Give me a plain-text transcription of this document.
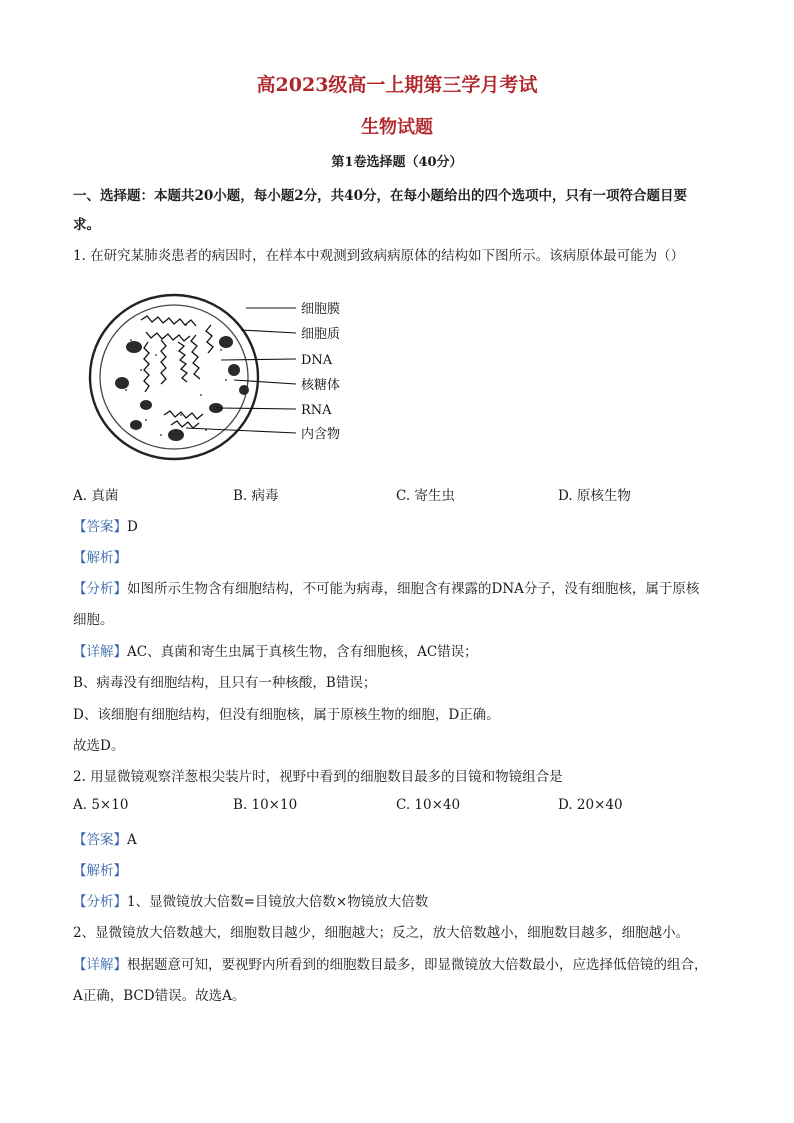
高2023级高一上期第三学月考试
生物试题
第1卷选择题（40分）
一、选择题：本题共20小题，每小题2分，共40分，在每小题给出的四个选项中，只有一项符合题目要
求。
1. 在研究某肺炎患者的病因时，在样本中观测到致病病原体的结构如下图所示。该病原体最可能为（）
细胞膜
细胞质
DNA
核糖体
RNA
内含物
A. 真菌	B. 病毒	C. 寄生虫	D. 原核生物
【答案】D
【解析】
【分析】如图所示生物含有细胞结构，不可能为病毒，细胞含有裸露的DNA分子，没有细胞核，属于原核
细胞。
【详解】AC、真菌和寄生虫属于真核生物，含有细胞核，AC错误；
B、病毒没有细胞结构，且只有一种核酸，B错误；
D、该细胞有细胞结构，但没有细胞核，属于原核生物的细胞，D正确。
故选D。
2. 用显微镜观察洋葱根尖装片时，视野中看到的细胞数目最多的目镜和物镜组合是
A. 5×10	B. 10×10	C. 10×40	D. 20×40
【答案】A
【解析】
【分析】1、显微镜放大倍数=目镜放大倍数×物镜放大倍数
2、显微镜放大倍数越大，细胞数目越少，细胞越大；反之，放大倍数越小，细胞数目越多，细胞越小。
【详解】根据题意可知，要视野内所看到的细胞数目最多，即显微镜放大倍数最小，应选择低倍镜的组合，
A正确，BCD错误。故选A。
